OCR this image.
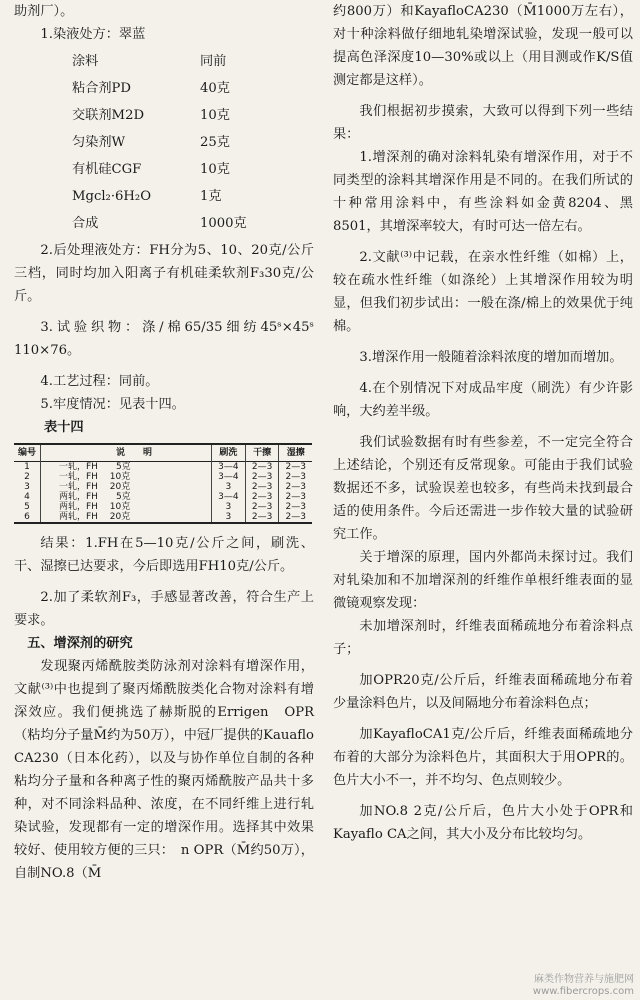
助剂厂）。

1.染液处方：翠蓝

涂料	同前
粘合剂PD	40克
交联剂M2D	10克
匀染剂W	25克
有机硅CGF	10克
Mgcl₂·6H₂O	1克
合成	1000克

2.后处理液处方：FH分为5、10、20克/公斤三档，同时均加入阳离子有机硅柔软剂F₃30克/公斤。

3.试验织物：涤/棉65/35细纺45ˢ×45ˢ 110×76。

4.工艺过程：同前。

5.牢度情况：见表十四。

表十四
编号	说　　明	刷洗	干擦	湿擦
1	一轧，FH　　5克	3—4	2—3	2—3
2	一轧，FH　 10克	3—4	2—3	2—3
3	一轧，FH　 20克	3	2—3	2—3
4	两轧，FH　　5克	3—4	2—3	2—3
5	两轧，FH　 10克	3	2—3	2—3
6	两轧，FH　 20克	3	2—3	2—3

结果：1.FH在5—10克/公斤之间，刷洗、干、湿擦已达要求，今后即选用FH10克/公斤。

2.加了柔软剂F₃，手感显著改善，符合生产上要求。

五、增深剂的研究

发现聚丙烯酰胺类防泳剂对涂料有增深作用，文献⁽³⁾中也提到了聚丙烯酰胺类化合物对涂料有增深效应。我们便挑选了赫斯脱的Errigen　OPR（粘均分子量M̄约为50万），中冠厂提供的Kauaflo CA230（日本化药），以及与协作单位自制的各种粘均分子量和各种离子性的聚丙烯酰胺产品共十多种，对不同涂料品种、浓度，在不同纤维上进行轧染试验，发现都有一定的增深作用。选择其中效果较好、使用较方便的三只：　n OPR（M̄约50万），自制NO.8（M̄

约800万）和KayafloCA230（M̄1000万左右），对十种涂料做仔细地轧染增深试验，发现一般可以提高色泽深度10—30%或以上（用目测或作K/S值测定都是这样）。

我们根据初步摸索，大致可以得到下列一些结果：

1.增深剂的确对涂料轧染有增深作用，对于不同类型的涂料其增深作用是不同的。在我们所试的十种常用涂料中，有些涂料如金黄8204、黑8501，其增深率较大，有时可达一倍左右。

2.文献⁽³⁾中记载，在亲水性纤维（如棉）上，较在疏水性纤维（如涤纶）上其增深作用较为明显，但我们初步试出：一般在涤/棉上的效果优于纯棉。

3.增深作用一般随着涂料浓度的增加而增加。

4.在个别情况下对成品牢度（刷洗）有少许影响，大约差半级。

我们试验数据有时有些参差，不一定完全符合上述结论，个别还有反常现象。可能由于我们试验数据还不多，试验误差也较多，有些尚未找到最合适的使用条件。今后还需进一步作较大量的试验研究工作。

关于增深的原理，国内外都尚未探讨过。我们对轧染加和不加增深剂的纤维作单根纤维表面的显微镜观察发现：

未加增深剂时，纤维表面稀疏地分布着涂料点子；

加OPR20克/公斤后，纤维表面稀疏地分布着少量涂料色片，以及间隔地分布着涂料色点；

加KayafloCA1克/公斤后，纤维表面稀疏地分布着的大部分为涂料色片，其面积大于用OPR的。色片大小不一，并不均匀、色点则较少。

加NO.8 2克/公斤后，色片大小处于OPR和Kayaflo CA之间，其大小及分布比较均匀。

麻类作物营养与施肥网
www.fibercrops.com
